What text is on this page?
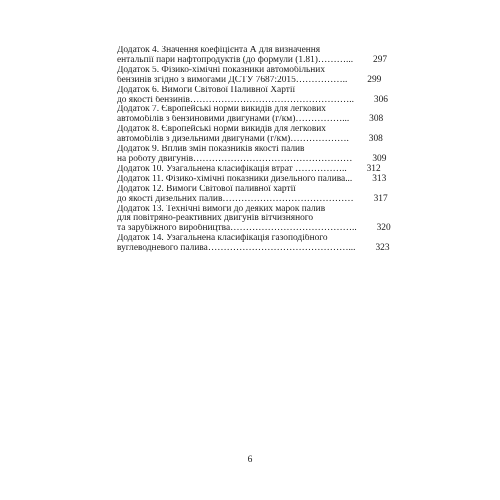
Додаток 4. Значення коефіцієнта А для визначення
ентальпії пари нафтопродуктів (до формули (1.81)………...	297
Додаток 5. Фізико-хімічні показники автомобільних
бензинів згідно з вимогами ДСТУ 7687:2015……………..	299
Додаток 6. Вимоги Світової Паливної Хартії
до якості бензинів……………………………………………..	306
Додаток 7. Європейські норми викидів для легкових
автомобілів з бензиновими двигунами (г/км)……………...	308
Додаток 8. Європейські норми викидів для легкових
автомобілів з дизельними двигунами (г/км)……………….	308
Додаток 9. Вплив змін показників якості палив
на роботу двигунів……………………………………………	309
Додаток 10. Узагальнена класифікація втрат ……………..	312
Додаток 11. Фізико-хімічні показники дизельного палива...	313
Додаток 12. Вимоги Світової паливної хартії
до якості дизельних палив……………………………………	317
Додаток 13. Технічні вимоги до деяких марок палив
для повітряно-реактивних двигунів вітчизняного
та зарубіжного виробництва…………………………………..	320
Додаток 14. Узагальнена класифікація газоподібного
вуглеводневого палива………………………………………...	323
6
